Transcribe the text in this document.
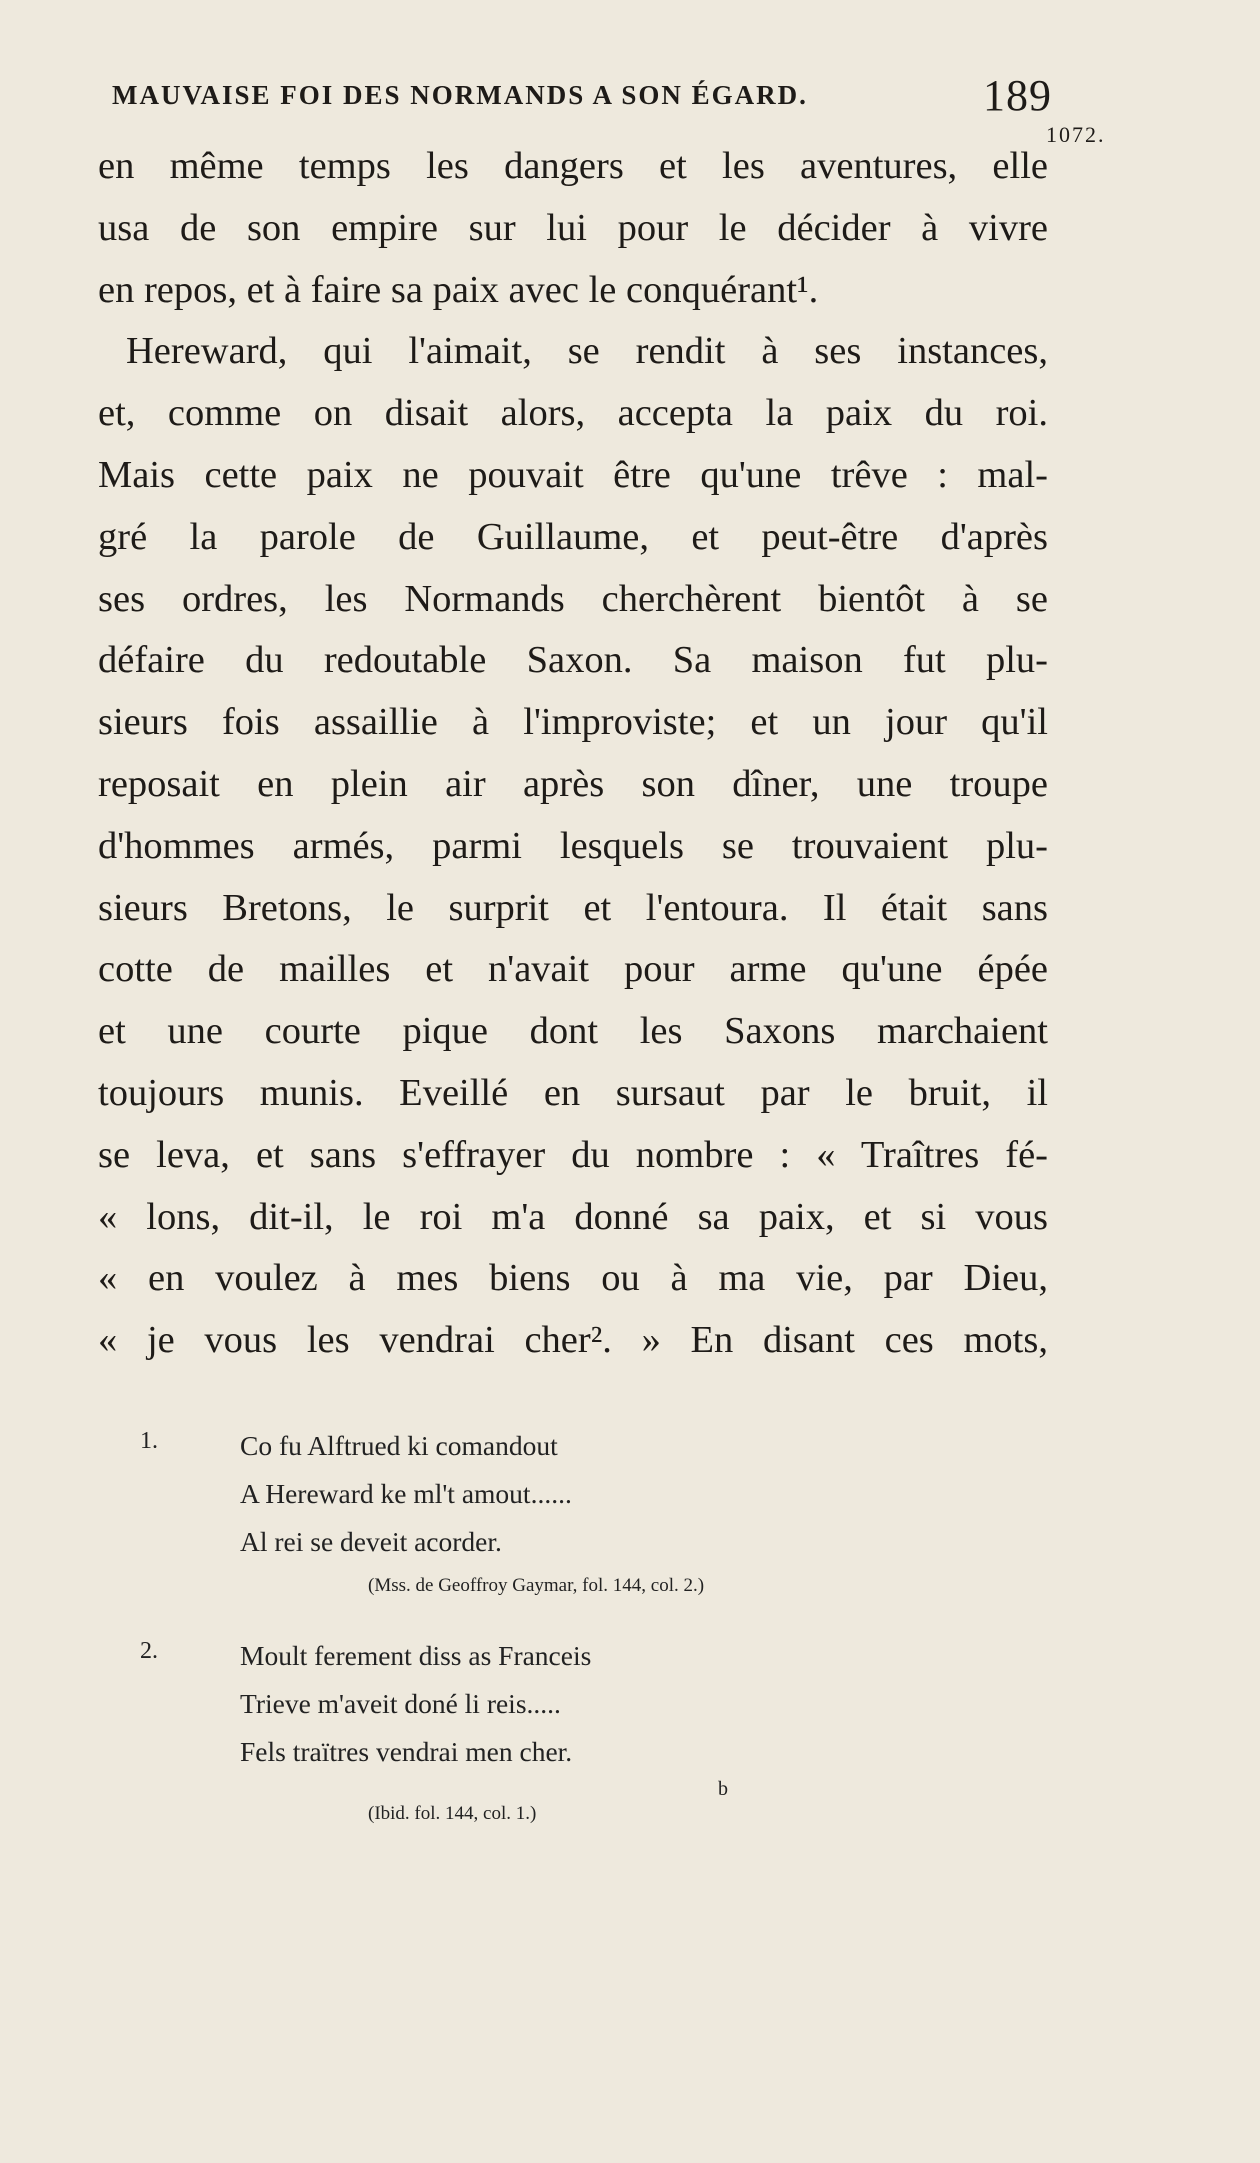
MAUVAISE FOI DES NORMANDS A SON ÉGARD.	189
1072.
en même temps les dangers et les aventures, elle
usa de son empire sur lui pour le décider à vivre
en repos, et à faire sa paix avec le conquérant¹.
Hereward, qui l'aimait, se rendit à ses instances,
et, comme on disait alors, accepta la paix du roi.
Mais cette paix ne pouvait être qu'une trêve : mal-
gré la parole de Guillaume, et peut-être d'après
ses ordres, les Normands cherchèrent bientôt à se
défaire du redoutable Saxon. Sa maison fut plu-
sieurs fois assaillie à l'improviste; et un jour qu'il
reposait en plein air après son dîner, une troupe
d'hommes armés, parmi lesquels se trouvaient plu-
sieurs Bretons, le surprit et l'entoura. Il était sans
cotte de mailles et n'avait pour arme qu'une épée
et une courte pique dont les Saxons marchaient
toujours munis. Eveillé en sursaut par le bruit, il
se leva, et sans s'effrayer du nombre : « Traîtres fé-
« lons, dit-il, le roi m'a donné sa paix, et si vous
« en voulez à mes biens ou à ma vie, par Dieu,
« je vous les vendrai cher². » En disant ces mots,
1.	Co fu Alftrued ki comandout
A Hereward ke ml't amout......
Al rei se deveit acorder.
(Mss. de Geoffroy Gaymar, fol. 144, col. 2.)
2.	Moult ferement diss as Franceis
Trieve m'aveit doné li reis.....
Fels traïtres vendrai men cher.
b
(Ibid. fol. 144, col. 1.)
